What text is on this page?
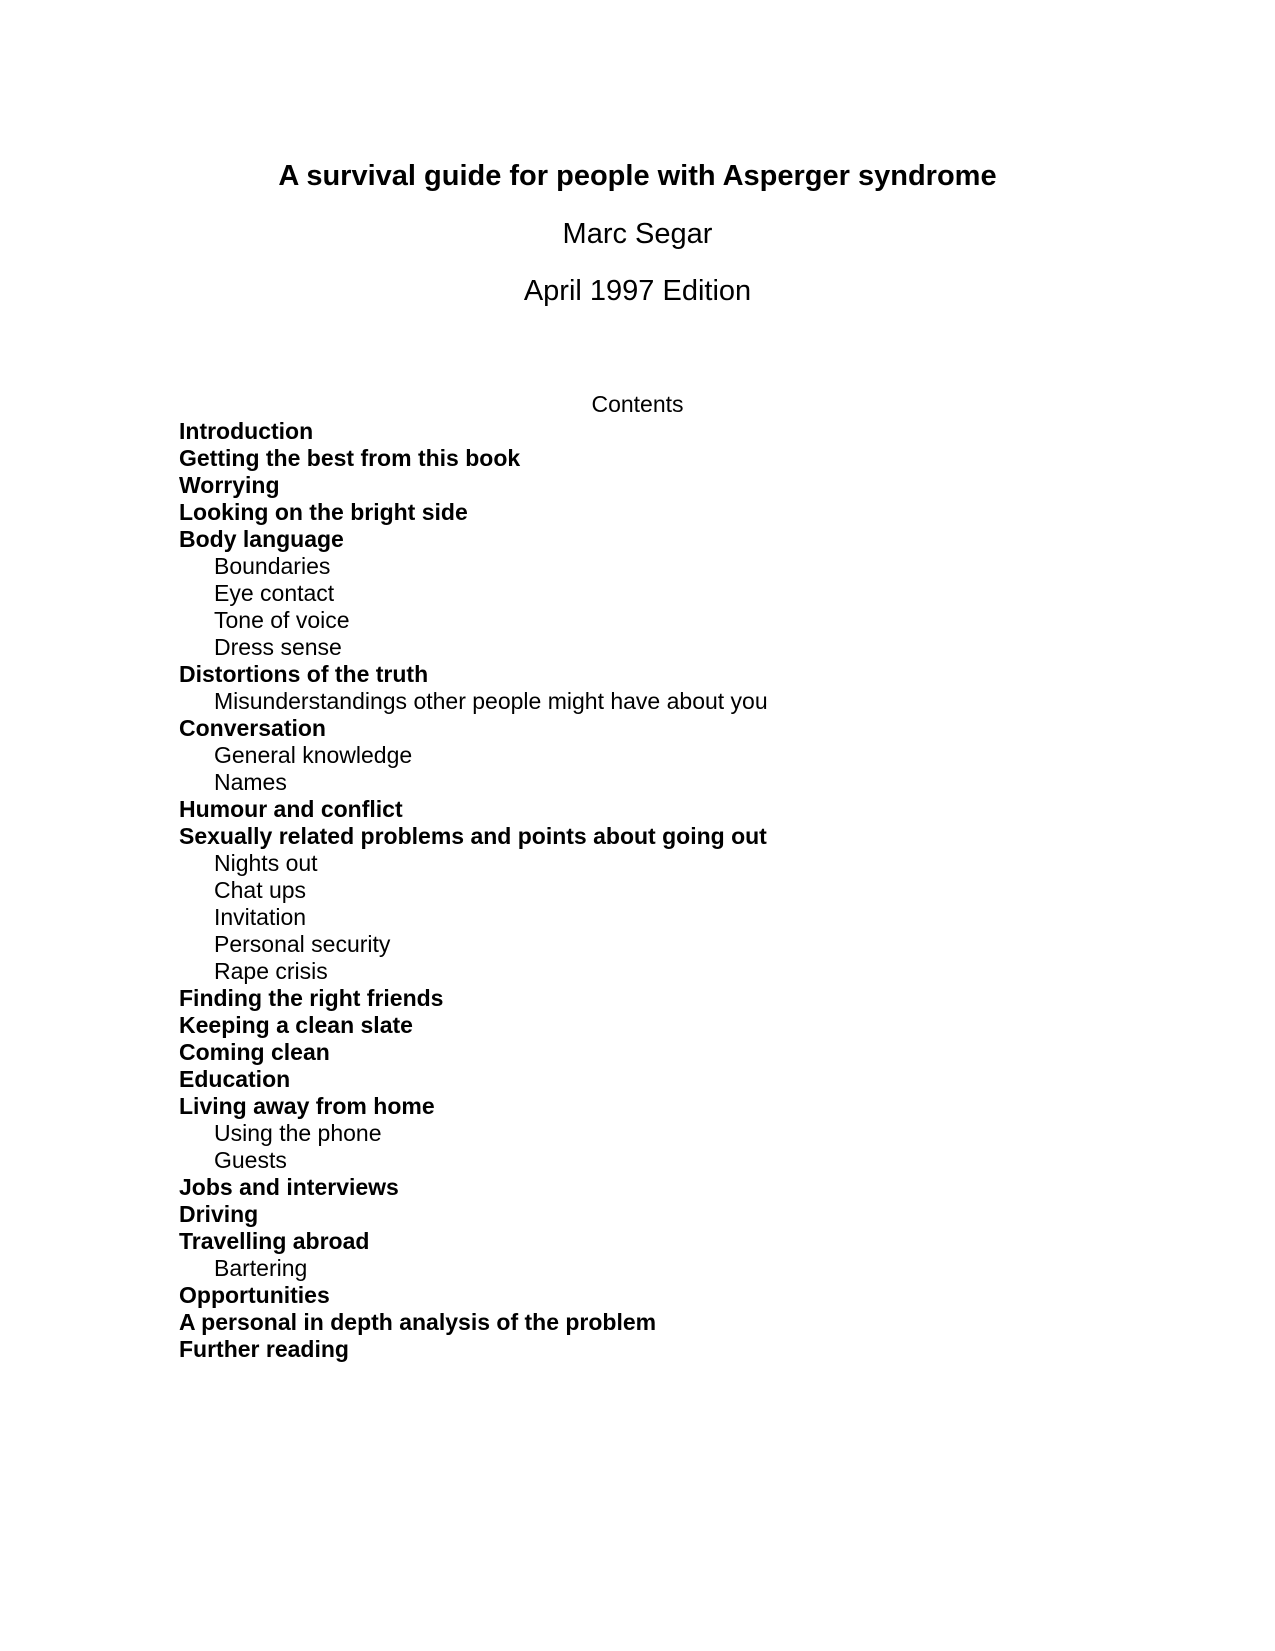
A survival guide for people with Asperger syndrome

Marc Segar

April 1997 Edition

Contents

Introduction
Getting the best from this book
Worrying
Looking on the bright side
Body language
Boundaries
Eye contact
Tone of voice
Dress sense
Distortions of the truth
Misunderstandings other people might have about you
Conversation
General knowledge
Names
Humour and conflict
Sexually related problems and points about going out
Nights out
Chat ups
Invitation
Personal security
Rape crisis
Finding the right friends
Keeping a clean slate
Coming clean
Education
Living away from home
Using the phone
Guests
Jobs and interviews
Driving
Travelling abroad
Bartering
Opportunities
A personal in depth analysis of the problem
Further reading
